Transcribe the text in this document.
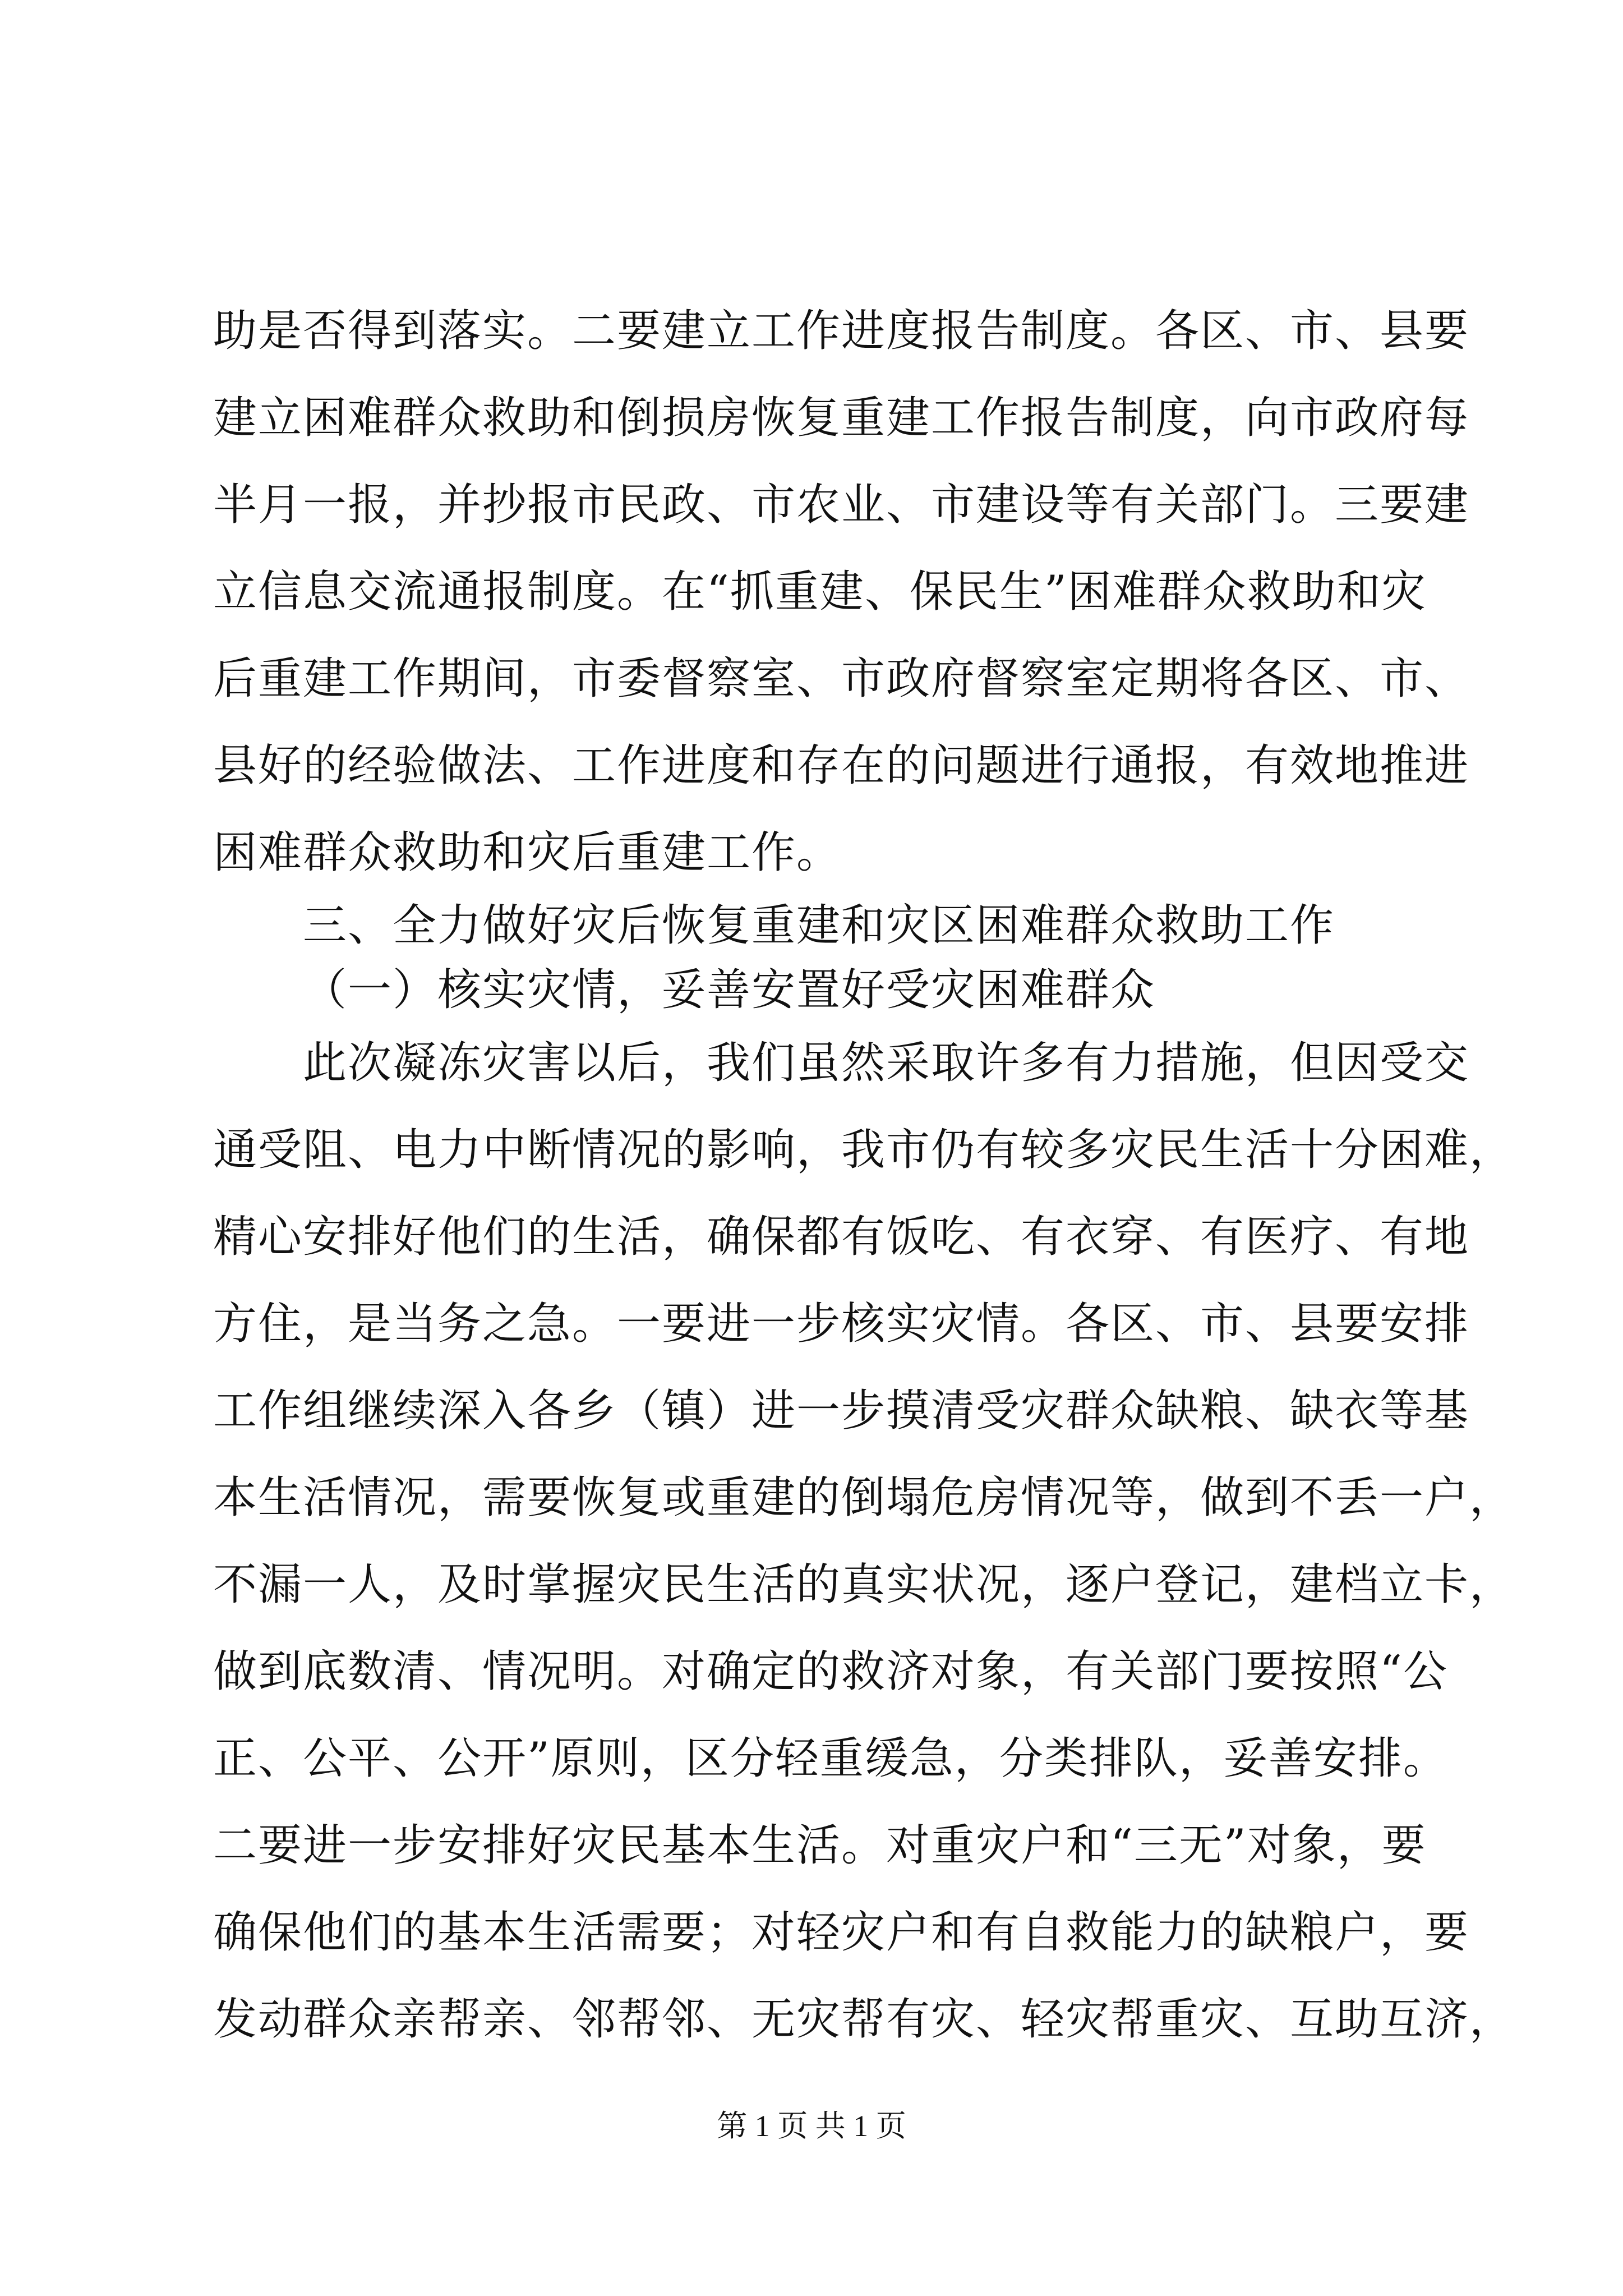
助是否得到落实。二要建立工作进度报告制度。各区、市、县要
建立困难群众救助和倒损房恢复重建工作报告制度，向市政府每
半月一报，并抄报市民政、市农业、市建设等有关部门。三要建
立信息交流通报制度。在“抓重建、保民生”困难群众救助和灾
后重建工作期间，市委督察室、市政府督察室定期将各区、市、
县好的经验做法、工作进度和存在的问题进行通报，有效地推进
困难群众救助和灾后重建工作。
三、全力做好灾后恢复重建和灾区困难群众救助工作
（一）核实灾情，妥善安置好受灾困难群众
此次凝冻灾害以后，我们虽然采取许多有力措施，但因受交
通受阻、电力中断情况的影响，我市仍有较多灾民生活十分困难，
精心安排好他们的生活，确保都有饭吃、有衣穿、有医疗、有地
方住，是当务之急。一要进一步核实灾情。各区、市、县要安排
工作组继续深入各乡（镇）进一步摸清受灾群众缺粮、缺衣等基
本生活情况，需要恢复或重建的倒塌危房情况等，做到不丢一户，
不漏一人，及时掌握灾民生活的真实状况，逐户登记，建档立卡，
做到底数清、情况明。对确定的救济对象，有关部门要按照“公
正、公平、公开”原则，区分轻重缓急，分类排队，妥善安排。
二要进一步安排好灾民基本生活。对重灾户和“三无”对象，要
确保他们的基本生活需要；对轻灾户和有自救能力的缺粮户，要
发动群众亲帮亲、邻帮邻、无灾帮有灾、轻灾帮重灾、互助互济，
第 1 页 共 1 页
